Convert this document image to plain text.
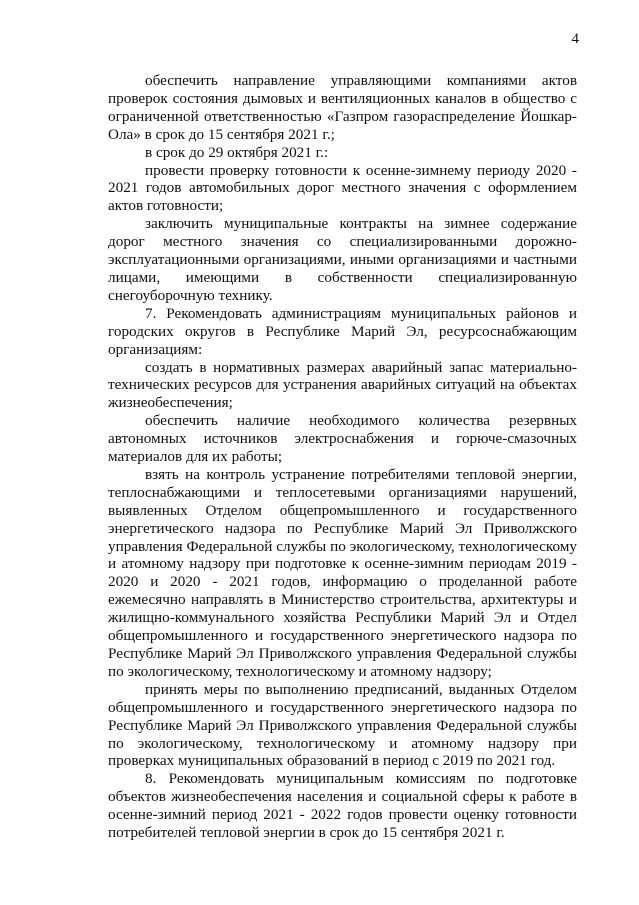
4

обеспечить направление управляющими компаниями актов проверок состояния дымовых и вентиляционных каналов в общество с ограниченной ответственностью «Газпром газораспределение Йошкар-Ола» в срок до 15 сентября 2021 г.;

в срок до 29 октября 2021 г.:

провести проверку готовности к осенне-зимнему периоду 2020 - 2021 годов автомобильных дорог местного значения с оформлением актов готовности;

заключить муниципальные контракты на зимнее содержание дорог местного значения со специализированными дорожно-эксплуатационными организациями, иными организациями и частными лицами, имеющими в собственности специализированную снегоуборочную технику.

7. Рекомендовать администрациям муниципальных районов и городских округов в Республике Марий Эл, ресурсоснабжающим организациям:

создать в нормативных размерах аварийный запас материально-технических ресурсов для устранения аварийных ситуаций на объектах жизнеобеспечения;

обеспечить наличие необходимого количества резервных автономных источников электроснабжения и горюче-смазочных материалов для их работы;

взять на контроль устранение потребителями тепловой энергии, теплоснабжающими и теплосетевыми организациями нарушений, выявленных Отделом общепромышленного и государственного энергетического надзора по Республике Марий Эл Приволжского управления Федеральной службы по экологическому, технологическому и атомному надзору при подготовке к осенне-зимним периодам 2019 - 2020 и 2020 - 2021 годов, информацию о проделанной работе ежемесячно направлять в Министерство строительства, архитектуры и жилищно-коммунального хозяйства Республики Марий Эл и Отдел общепромышленного и государственного энергетического надзора по Республике Марий Эл Приволжского управления Федеральной службы по экологическому, технологическому и атомному надзору;

принять меры по выполнению предписаний, выданных Отделом общепромышленного и государственного энергетического надзора по Республике Марий Эл Приволжского управления Федеральной службы по экологическому, технологическому и атомному надзору при проверках муниципальных образований в период с 2019 по 2021 год.

8. Рекомендовать муниципальным комиссиям по подготовке объектов жизнеобеспечения населения и социальной сферы к работе в осенне-зимний период 2021 - 2022 годов провести оценку готовности потребителей тепловой энергии в срок до 15 сентября 2021 г.
